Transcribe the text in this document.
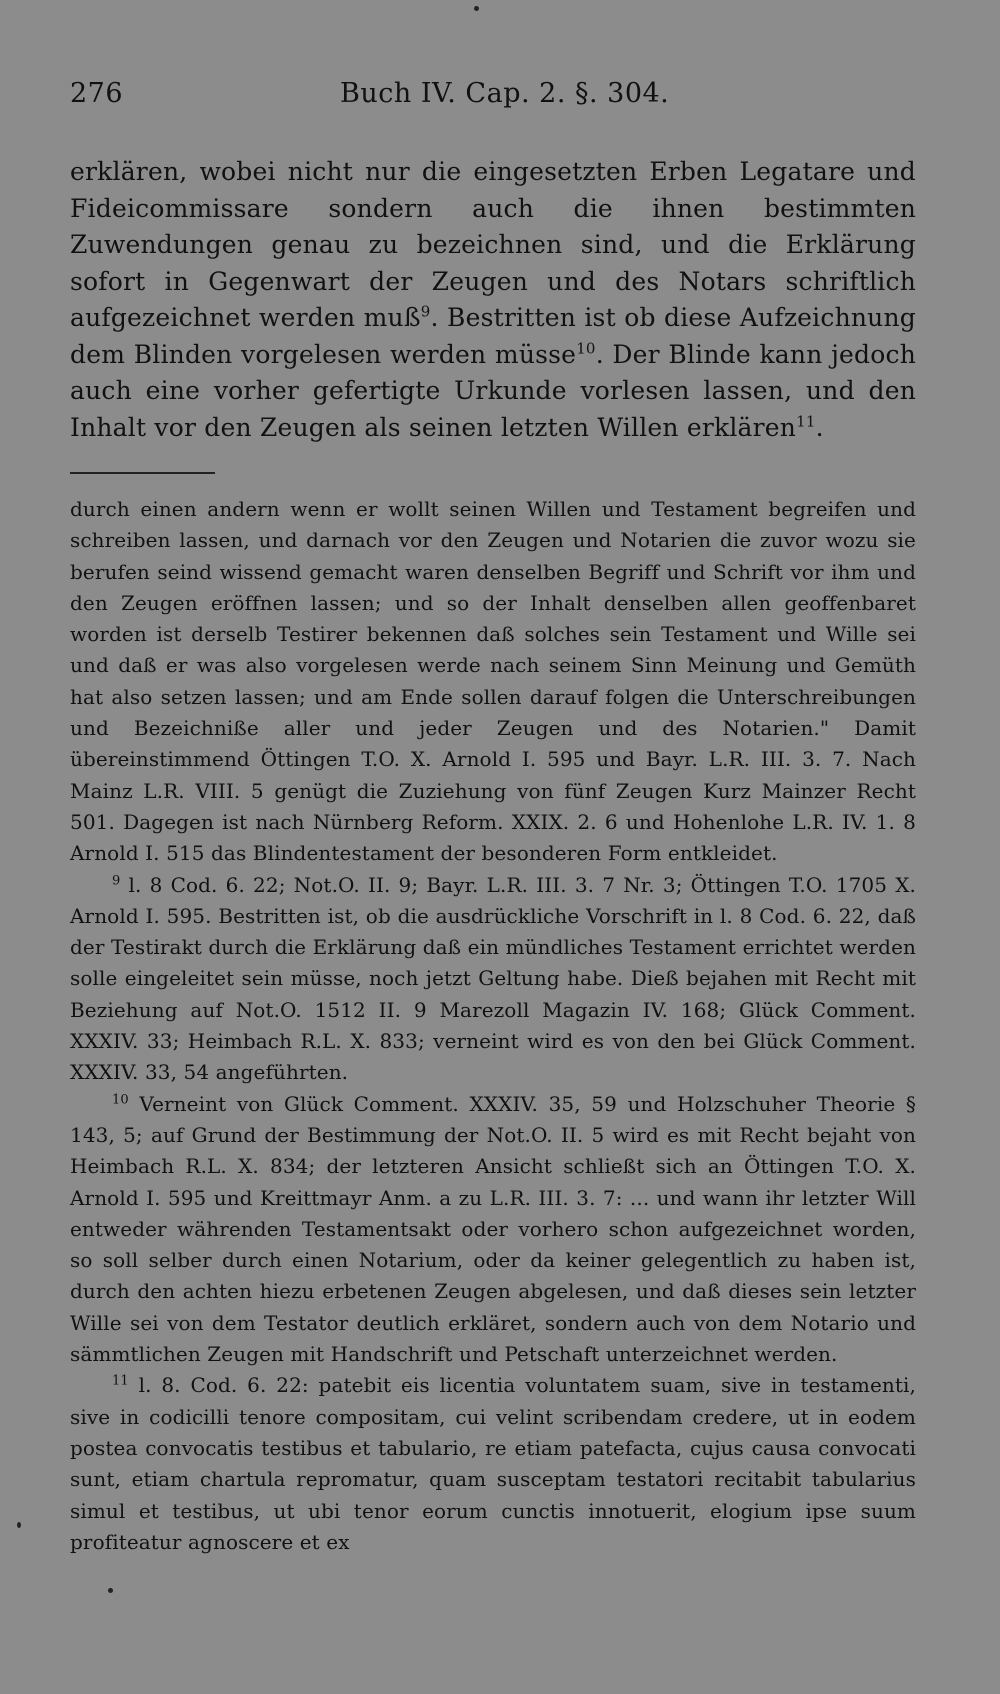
276	Buch IV. Cap. 2. §. 304.

erklären, wobei nicht nur die eingesetzten Erben Legatare und Fideicommissare sondern auch die ihnen bestimmten Zuwendungen genau zu bezeichnen sind, und die Erklärung sofort in Gegenwart der Zeugen und des Notars schriftlich aufgezeichnet werden muß$^9$. Bestritten ist ob diese Aufzeichnung dem Blinden vorgelesen werden müsse$^{10}$. Der Blinde kann jedoch auch eine vorher gefertigte Urkunde vorlesen lassen, und den Inhalt vor den Zeugen als seinen letzten Willen erklären$^{11}$.

durch einen andern wenn er wollt seinen Willen und Testament begreifen und schreiben lassen, und darnach vor den Zeugen und Notarien die zuvor wozu sie berufen seind wissend gemacht waren denselben Begriff und Schrift vor ihm und den Zeugen eröffnen lassen; und so der Inhalt denselben allen geoffenbaret worden ist derselb Testirer bekennen daß solches sein Testament und Wille sei und daß er was also vorgelesen werde nach seinem Sinn Meinung und Gemüth hat also setzen lassen; und am Ende sollen darauf folgen die Unterschreibungen und Bezeichniße aller und jeder Zeugen und des Notarien." Damit übereinstimmend Öttingen T.O. X. Arnold I. 595 und Bayr. L.R. III. 3. 7. Nach Mainz L.R. VIII. 5 genügt die Zuziehung von fünf Zeugen Kurz Mainzer Recht 501. Dagegen ist nach Nürnberg Reform. XXIX. 2. 6 und Hohenlohe L.R. IV. 1. 8 Arnold I. 515 das Blindentestament der besonderen Form entkleidet.

$^9$ l. 8 Cod. 6. 22; Not.O. II. 9; Bayr. L.R. III. 3. 7 Nr. 3; Öttingen T.O. 1705 X. Arnold I. 595. Bestritten ist, ob die ausdrückliche Vorschrift in l. 8 Cod. 6. 22, daß der Testirakt durch die Erklärung daß ein mündliches Testament errichtet werden solle eingeleitet sein müsse, noch jetzt Geltung habe. Dieß bejahen mit Recht mit Beziehung auf Not.O. 1512 II. 9 Marezoll Magazin IV. 168; Glück Comment. XXXIV. 33; Heimbach R.L. X. 833; verneint wird es von den bei Glück Comment. XXXIV. 33, 54 angeführten.

$^{10}$ Verneint von Glück Comment. XXXIV. 35, 59 und Holzschuher Theorie § 143, 5; auf Grund der Bestimmung der Not.O. II. 5 wird es mit Recht bejaht von Heimbach R.L. X. 834; der letzteren Ansicht schließt sich an Öttingen T.O. X. Arnold I. 595 und Kreittmayr Anm. a zu L.R. III. 3. 7: ... und wann ihr letzter Will entweder währenden Testamentsakt oder vorhero schon aufgezeichnet worden, so soll selber durch einen Notarium, oder da keiner gelegentlich zu haben ist, durch den achten hiezu erbetenen Zeugen abgelesen, und daß dieses sein letzter Wille sei von dem Testator deutlich erkläret, sondern auch von dem Notario und sämmtlichen Zeugen mit Handschrift und Petschaft unterzeichnet werden.

$^{11}$ l. 8. Cod. 6. 22: patebit eis licentia voluntatem suam, sive in testamenti, sive in codicilli tenore compositam, cui velint scribendam credere, ut in eodem postea convocatis testibus et tabulario, re etiam patefacta, cujus causa convocati sunt, etiam chartula repromatur, quam susceptam testatori recitabit tabularius simul et testibus, ut ubi tenor eorum cunctis innotuerit, elogium ipse suum profiteatur agnoscere et ex
